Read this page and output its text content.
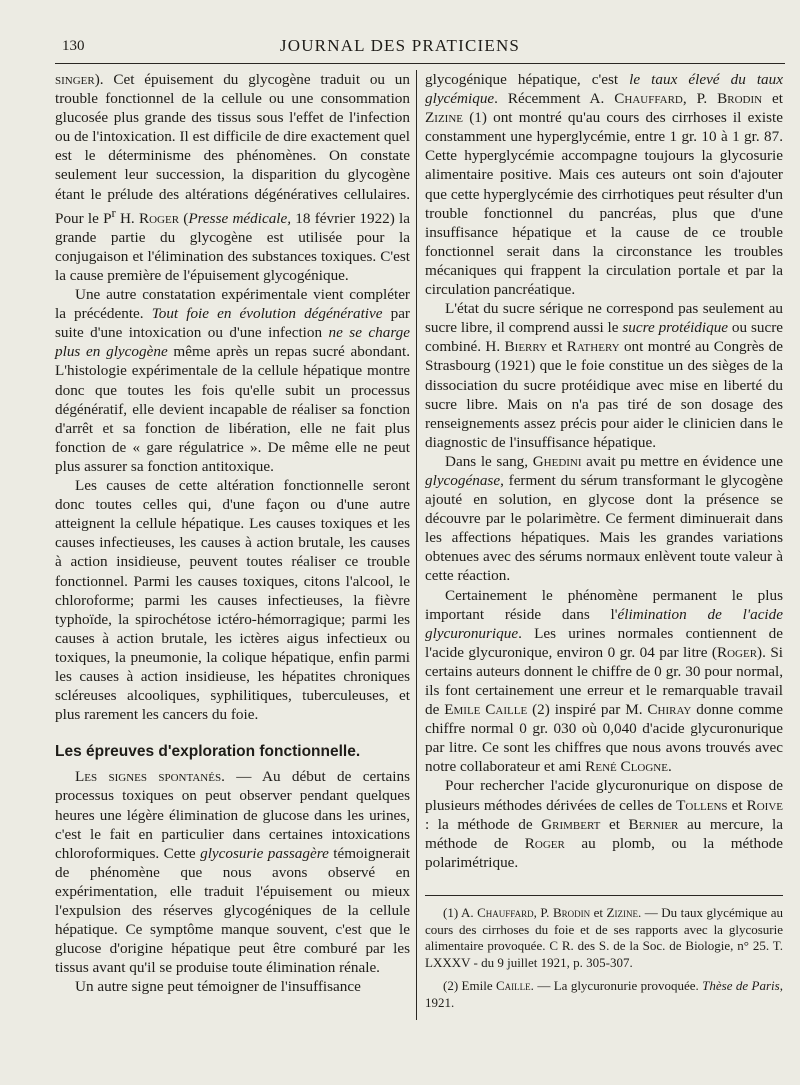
130	JOURNAL DES PRATICIENS

singer). Cet épuisement du glycogène traduit ou un trouble fonctionnel de la cellule ou une consommation glucosée plus grande des tissus sous l'effet de l'infection ou de l'intoxication. Il est difficile de dire exactement quel est le déterminisme des phénomènes. On constate seulement leur succession, la disparition du glycogène étant le prélude des altérations dégénératives cellulaires. Pour le $P^r$ H. Roger (Presse médicale, 18 février 1922) la grande partie du glycogène est utilisée pour la conjugaison et l'élimination des substances toxiques. C'est la cause première de l'épuisement glycogénique.

Une autre constatation expérimentale vient compléter la précédente. Tout foie en évolution dégénérative par suite d'une intoxication ou d'une infection ne se charge plus en glycogène même après un repas sucré abondant. L'histologie expérimentale de la cellule hépatique montre donc que toutes les fois qu'elle subit un processus dégénératif, elle devient incapable de réaliser sa fonction d'arrêt et sa fonction de libération, elle ne fait plus fonction de « gare régulatrice ». De même elle ne peut plus assurer sa fonction antitoxique.

Les causes de cette altération fonctionnelle seront donc toutes celles qui, d'une façon ou d'une autre atteignent la cellule hépatique. Les causes toxiques et les causes infectieuses, les causes à action brutale, les causes à action insidieuse, peuvent toutes réaliser ce trouble fonctionnel. Parmi les causes toxiques, citons l'alcool, le chloroforme; parmi les causes infectieuses, la fièvre typhoïde, la spirochétose ictéro-hémorragique; parmi les causes à action brutale, les ictères aigus infectieux ou toxiques, la pneumonie, la colique hépatique, enfin parmi les causes à action insidieuse, les hépatites chroniques scléreuses alcooliques, syphilitiques, tuberculeuses, et plus rarement les cancers du foie.

Les épreuves d'exploration fonctionnelle.

Les signes spontanés. — Au début de certains processus toxiques on peut observer pendant quelques heures une légère élimination de glucose dans les urines, c'est le fait en particulier dans certaines intoxications chloroformiques. Cette glycosurie passagère témoignerait de phénomène que nous avons observé en expérimentation, elle traduit l'épuisement ou mieux l'expulsion des réserves glycogéniques de la cellule hépatique. Ce symptôme manque souvent, c'est que le glucose d'origine hépatique peut être comburé par les tissus avant qu'il se produise toute élimination rénale.

Un autre signe peut témoigner de l'insuffisance

glycogénique hépatique, c'est le taux élevé du taux glycémique. Récemment A. Chauffard, P. Brodin et Zizine (1) ont montré qu'au cours des cirrhoses il existe constamment une hyperglycémie, entre 1 gr. 10 à 1 gr. 87. Cette hyperglycémie accompagne toujours la glycosurie alimentaire positive. Mais ces auteurs ont soin d'ajouter que cette hyperglycémie des cirrhotiques peut résulter d'un trouble fonctionnel du pancréas, plus que d'une insuffisance hépatique et la cause de ce trouble fonctionnel serait dans la circonstance les troubles mécaniques qui frappent la circulation portale et par la circulation pancréatique.

L'état du sucre sérique ne correspond pas seulement au sucre libre, il comprend aussi le sucre protéidique ou sucre combiné. H. Bierry et Rathery ont montré au Congrès de Strasbourg (1921) que le foie constitue un des sièges de la dissociation du sucre protéidique avec mise en liberté du sucre libre. Mais on n'a pas tiré de son dosage des renseignements assez précis pour aider le clinicien dans le diagnostic de l'insuffisance hépatique.

Dans le sang, Ghedini avait pu mettre en évidence une glycogénase, ferment du sérum transformant le glycogène ajouté en solution, en glycose dont la présence se découvre par le polarimètre. Ce ferment diminuerait dans les affections hépatiques. Mais les grandes variations obtenues avec des sérums normaux enlèvent toute valeur à cette réaction.

Certainement le phénomène permanent le plus important réside dans l'élimination de l'acide glycuronurique. Les urines normales contiennent de l'acide glycuronique, environ 0 gr. 04 par litre (Roger). Si certains auteurs donnent le chiffre de 0 gr. 30 pour normal, ils font certainement une erreur et le remarquable travail de Emile Caille (2) inspiré par M. Chiray donne comme chiffre normal 0 gr. 030 où 0,040 d'acide glycuronurique par litre. Ce sont les chiffres que nous avons trouvés avec notre collaborateur et ami René Clogne.

Pour rechercher l'acide glycuronurique on dispose de plusieurs méthodes dérivées de celles de Tollens et Roive : la méthode de Grimbert et Bernier au mercure, la méthode de Roger au plomb, ou la méthode polarimétrique.

(1) A. Chauffard, P. Brodin et Zizine. — Du taux glycémique au cours des cirrhoses du foie et de ses rapports avec la glycosurie alimentaire provoquée. C R. des S. de la Soc. de Biologie, n° 25. T. LXXXV - du 9 juillet 1921, p. 305-307.

(2) Emile Caille. — La glycuronurie provoquée. Thèse de Paris, 1921.
